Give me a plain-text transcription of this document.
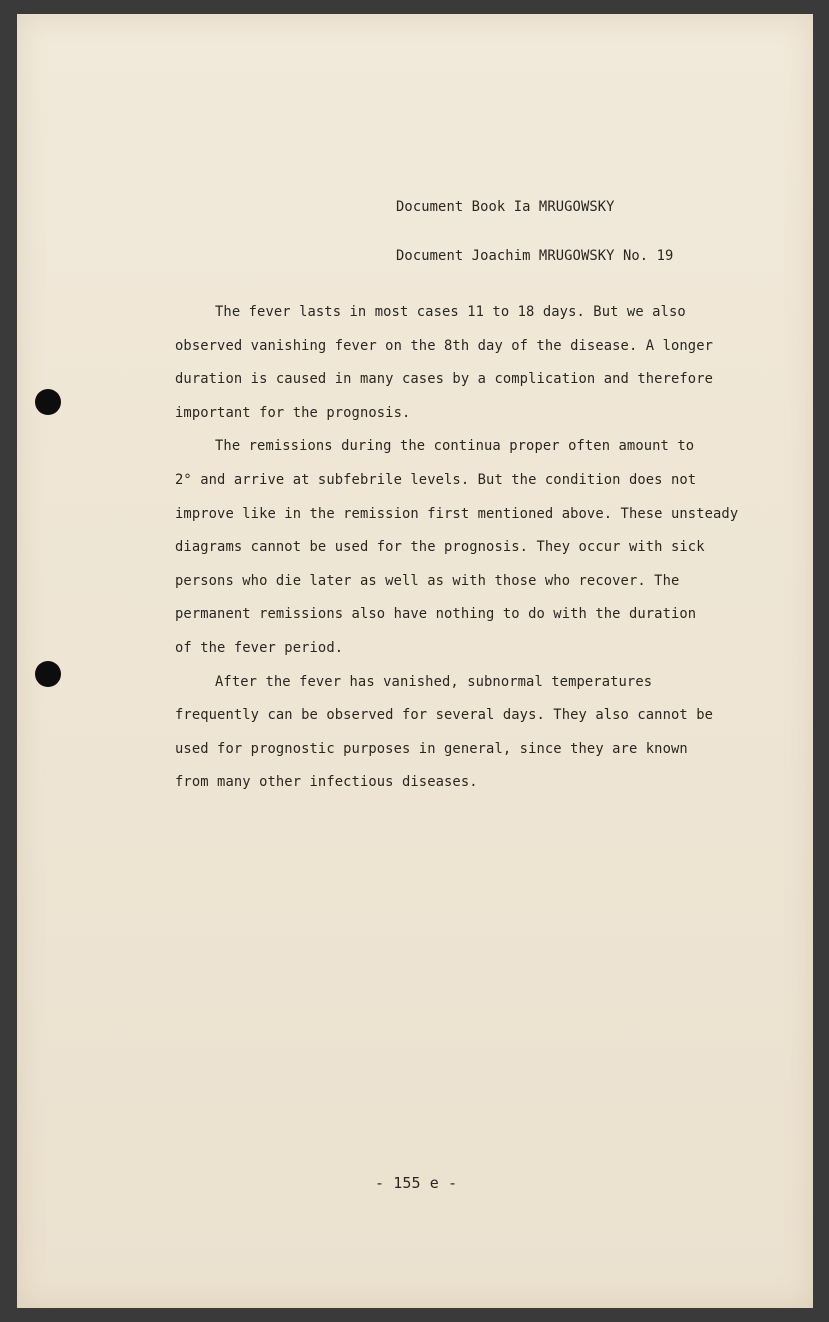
Document Book Ia MRUGOWSKY
Document Joachim MRUGOWSKY No. 19

The fever lasts in most cases 11 to 18 days. But we also
observed vanishing fever on the 8th day of the disease. A longer
duration is caused in many cases by a complication and therefore
important for the prognosis.

The remissions during the continua proper often amount to
2° and arrive at subfebrile levels. But the condition does not
improve like in the remission first mentioned above. These unsteady
diagrams cannot be used for the prognosis. They occur with sick
persons who die later as well as with those who recover. The
permanent remissions also have nothing to do with the duration
of the fever period.

After the fever has vanished, subnormal temperatures
frequently can be observed for several days. They also cannot be
used for prognostic purposes in general, since they are known
from many other infectious diseases.

- 155 e -
